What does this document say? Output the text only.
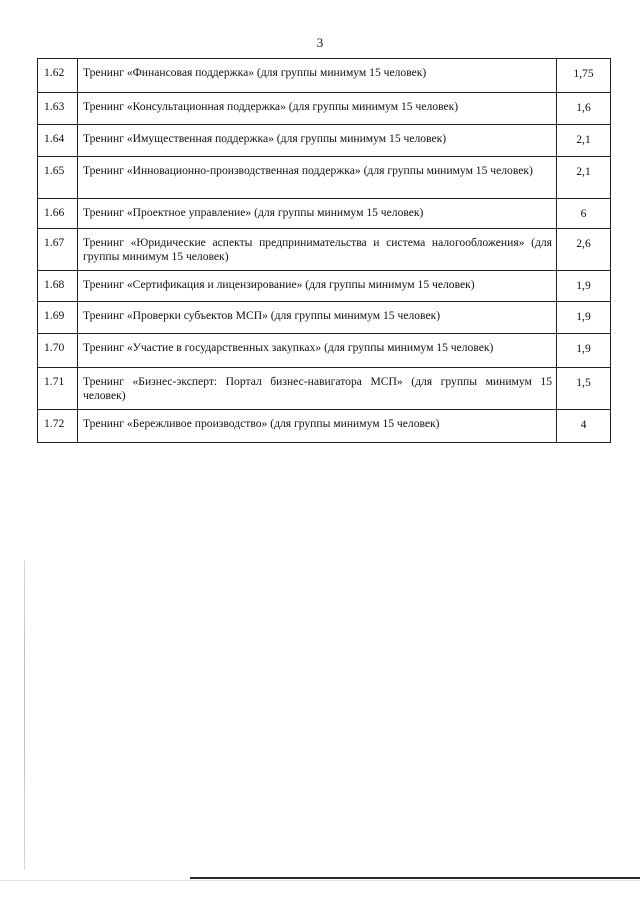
3
1.62	Тренинг «Финансовая поддержка» (для группы минимум 15 человек)	1,75

1.63	Тренинг «Консультационная поддержка» (для группы минимум 15 человек)	1,6

1.64	Тренинг «Имущественная поддержка» (для группы минимум 15 человек)	2,1

1.65	Тренинг «Инновационно-производственная поддержка» (для группы минимум 15 человек)	2,1

1.66	Тренинг «Проектное управление» (для группы минимум 15 человек)	6

1.67	Тренинг «Юридические аспекты предпринимательства и система налогообложения» (для группы минимум 15 человек)	2,6

1.68	Тренинг «Сертификация и лицензирование» (для группы минимум 15 человек)	1,9

1.69	Тренинг «Проверки субъектов МСП» (для группы минимум 15 человек)	1,9

1.70	Тренинг «Участие в государственных закупках» (для группы минимум 15 человек)	1,9

1.71	Тренинг «Бизнес-эксперт: Портал бизнес-навигатора МСП» (для группы минимум 15 человек)	1,5

1.72	Тренинг «Бережливое производство» (для группы минимум 15 человек)	4
